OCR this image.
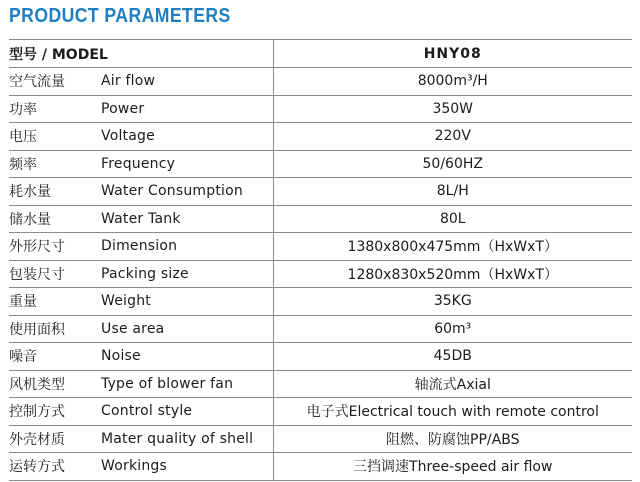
PRODUCT PARAMETERS
型号 / MODEL		HNY08
空气流量	Air flow	8000m³/H
功率	Power	350W
电压	Voltage	220V
频率	Frequency	50/60HZ
耗水量	Water Consumption	8L/H
储水量	Water Tank	80L
外形尺寸	Dimension	1380x800x475mm（HxWxT）
包装尺寸	Packing size	1280x830x520mm（HxWxT）
重量	Weight	35KG
使用面积	Use area	60m³
噪音	Noise	45DB
风机类型	Type of blower fan	轴流式Axial
控制方式	Control style	电子式Electrical touch with remote control
外壳材质	Mater quality of shell	阻燃、防腐蚀PP/ABS
运转方式	Workings	三挡调速Three-speed air flow
